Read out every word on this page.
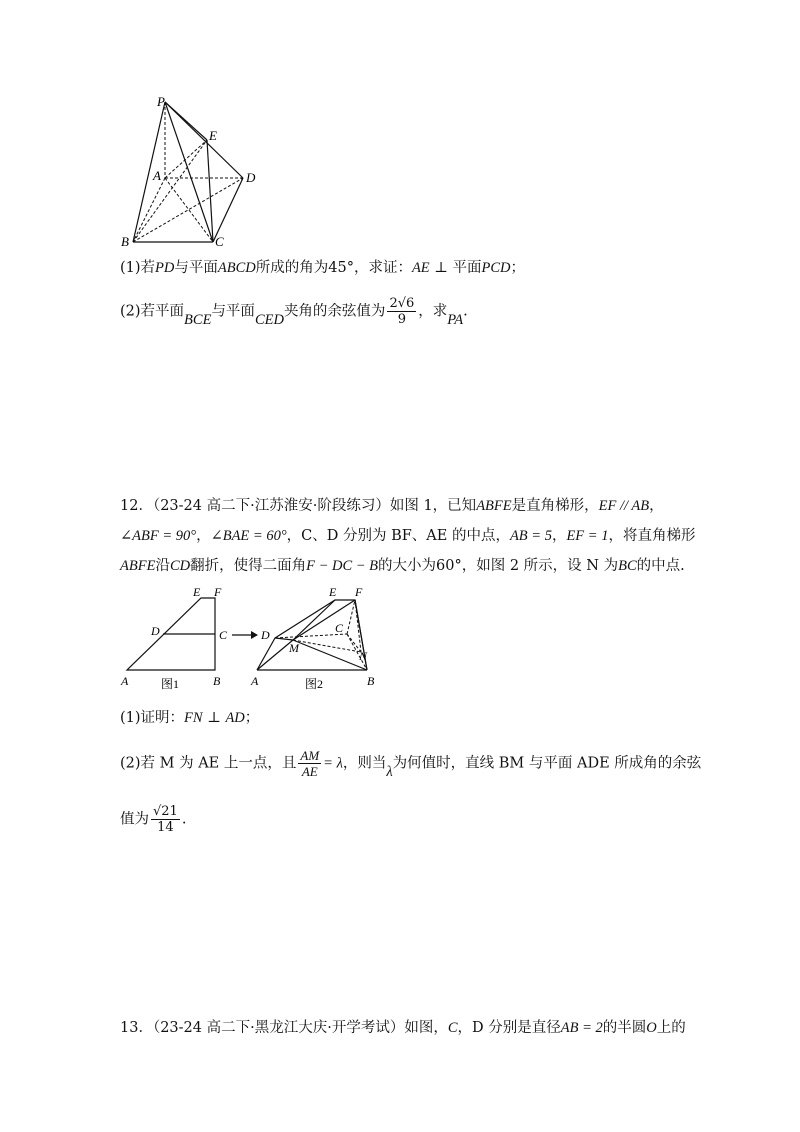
P
E
A	D
B	C
(1)若PD与平面ABCD所成的角为45°，求证：AE ⊥ 平面PCD；
(2)若平面BCE与平面CED夹角的余弦值为 $\frac{2√6}{9}$ ，求PA.
12．（23-24 高二下·江苏淮安·阶段练习）如图 1，已知ABFE是直角梯形，EF // AB，
∠ABF = 90°，∠BAE = 60°，C、D 分别为 BF、AE 的中点，AB = 5，EF = 1，将直角梯形
ABFE沿CD翻折，使得二面角F − DC − B的大小为60°，如图 2 所示，设 N 为BC的中点.
E F
D	C
A	B
图1
E F
D	C
M
N
A	B
图2
(1)证明：FN ⊥ AD；
(2)若 M 为 AE 上一点，且 $\frac{AM}{AE} = \lambda$，则当λ为何值时，直线 BM 与平面 ADE 所成角的余弦
值为 $\frac{√21}{14}$ .
13．（23-24 高二下·黑龙江大庆·开学考试）如图，C，D 分别是直径AB = 2的半圆O上的
